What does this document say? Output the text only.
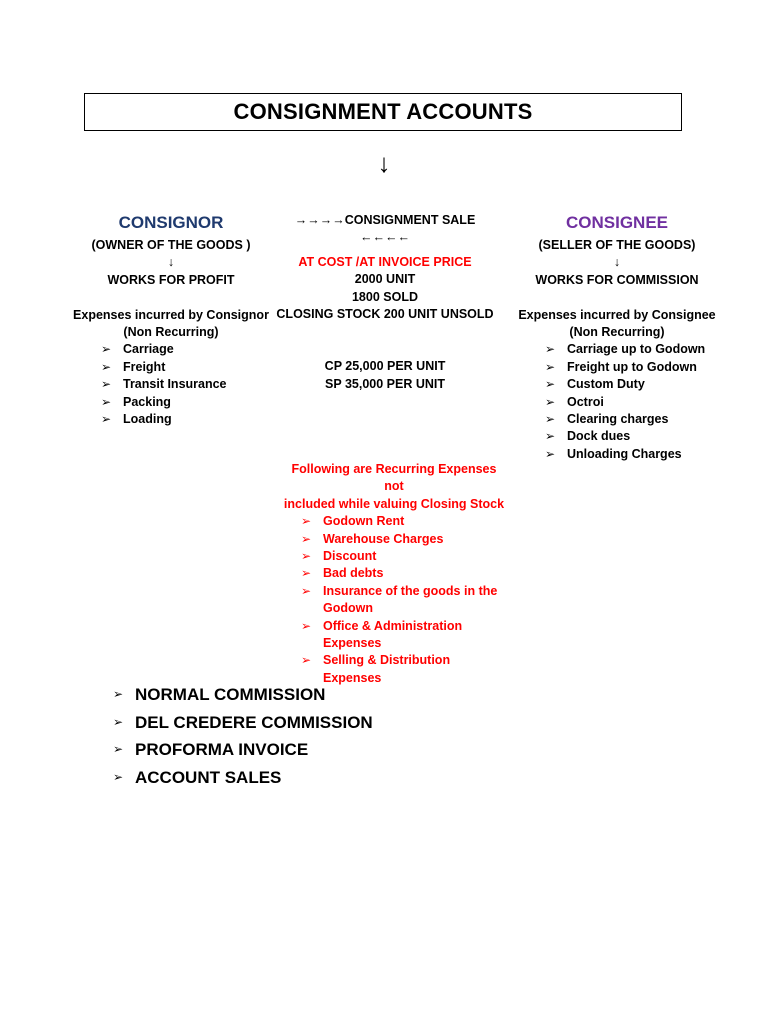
CONSIGNMENT ACCOUNTS
↓
CONSIGNOR
(OWNER OF THE GOODS )
↓
WORKS FOR PROFIT
Expenses incurred by Consignor
(Non Recurring)
➢ Carriage
➢ Freight
➢ Transit Insurance
➢ Packing
➢ Loading
→→→→CONSIGNMENT SALE ←←←←
AT COST /AT INVOICE PRICE
2000 UNIT
1800 SOLD
CLOSING STOCK 200 UNIT UNSOLD
CP 25,000 PER UNIT
SP 35,000 PER UNIT
CONSIGNEE
(SELLER OF THE GOODS)
↓
WORKS FOR COMMISSION
Expenses incurred by Consignee
(Non Recurring)
➢ Carriage up to Godown
➢ Freight up to Godown
➢ Custom Duty
➢ Octroi
➢ Clearing charges
➢ Dock dues
➢ Unloading Charges
Following are Recurring Expenses not
included while valuing Closing Stock
➢ Godown Rent
➢ Warehouse Charges
➢ Discount
➢ Bad debts
➢ Insurance of the goods in the
Godown
➢ Office & Administration
Expenses
➢ Selling & Distribution Expenses
➢ NORMAL COMMISSION
➢ DEL CREDERE COMMISSION
➢ PROFORMA INVOICE
➢ ACCOUNT SALES
